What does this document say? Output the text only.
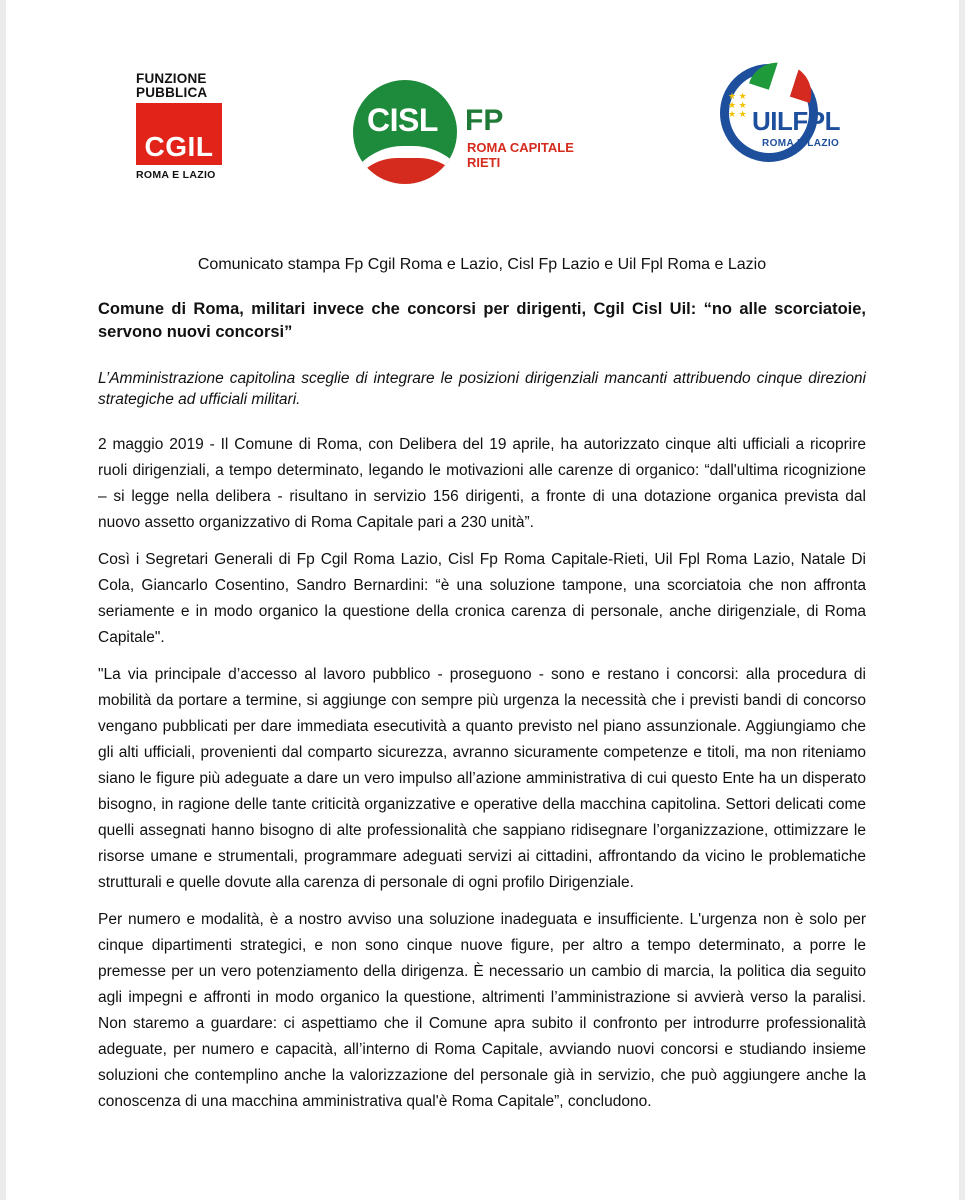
FUNZIONE
PUBBLICA
CGIL
ROMA E LAZIO
CISL FP
ROMA CAPITALE
RIETI
★ ★
★ ★
★ ★ UILFPL
ROMA E LAZIO

Comunicato stampa Fp Cgil Roma e Lazio, Cisl Fp Lazio e Uil Fpl Roma e Lazio

Comune di Roma, militari invece che concorsi per dirigenti, Cgil Cisl Uil: “no alle scorciatoie, servono nuovi concorsi”

L’Amministrazione capitolina sceglie di integrare le posizioni dirigenziali mancanti attribuendo cinque direzioni strategiche ad ufficiali militari.

2 maggio 2019 - Il Comune di Roma, con Delibera del 19 aprile, ha autorizzato cinque alti ufficiali a ricoprire ruoli dirigenziali, a tempo determinato, legando le motivazioni alle carenze di organico: “dall'ultima ricognizione – si legge nella delibera - risultano in servizio 156 dirigenti, a fronte di una dotazione organica prevista dal nuovo assetto organizzativo di Roma Capitale pari a 230 unità”.

Così i Segretari Generali di Fp Cgil Roma Lazio, Cisl Fp Roma Capitale-Rieti, Uil Fpl Roma Lazio, Natale Di Cola, Giancarlo Cosentino, Sandro Bernardini: “è una soluzione tampone, una scorciatoia che non affronta seriamente e in modo organico la questione della cronica carenza di personale, anche dirigenziale, di Roma Capitale".

"La via principale d’accesso al lavoro pubblico - proseguono - sono e restano i concorsi: alla procedura di mobilità da portare a termine, si aggiunge con sempre più urgenza la necessità che i previsti bandi di concorso vengano pubblicati per dare immediata esecutività a quanto previsto nel piano assunzionale. Aggiungiamo che gli alti ufficiali, provenienti dal comparto sicurezza, avranno sicuramente competenze e titoli, ma non riteniamo siano le figure più adeguate a dare un vero impulso all’azione amministrativa di cui questo Ente ha un disperato bisogno, in ragione delle tante criticità organizzative e operative della macchina capitolina. Settori delicati come quelli assegnati hanno bisogno di alte professionalità che sappiano ridisegnare l’organizzazione, ottimizzare le risorse umane e strumentali, programmare adeguati servizi ai cittadini, affrontando da vicino le problematiche strutturali e quelle dovute alla carenza di personale di ogni profilo Dirigenziale.

Per numero e modalità, è a nostro avviso una soluzione inadeguata e insufficiente. L'urgenza non è solo per cinque dipartimenti strategici, e non sono cinque nuove figure, per altro a tempo determinato, a porre le premesse per un vero potenziamento della dirigenza. È necessario un cambio di marcia, la politica dia seguito agli impegni e affronti in modo organico la questione, altrimenti l’amministrazione si avvierà verso la paralisi. Non staremo a guardare: ci aspettiamo che il Comune apra subito il confronto per introdurre professionalità adeguate, per numero e capacità, all’interno di Roma Capitale, avviando nuovi concorsi e studiando insieme soluzioni che contemplino anche la valorizzazione del personale già in servizio, che può aggiungere anche la conoscenza di una macchina amministrativa qual'è Roma Capitale”, concludono.
